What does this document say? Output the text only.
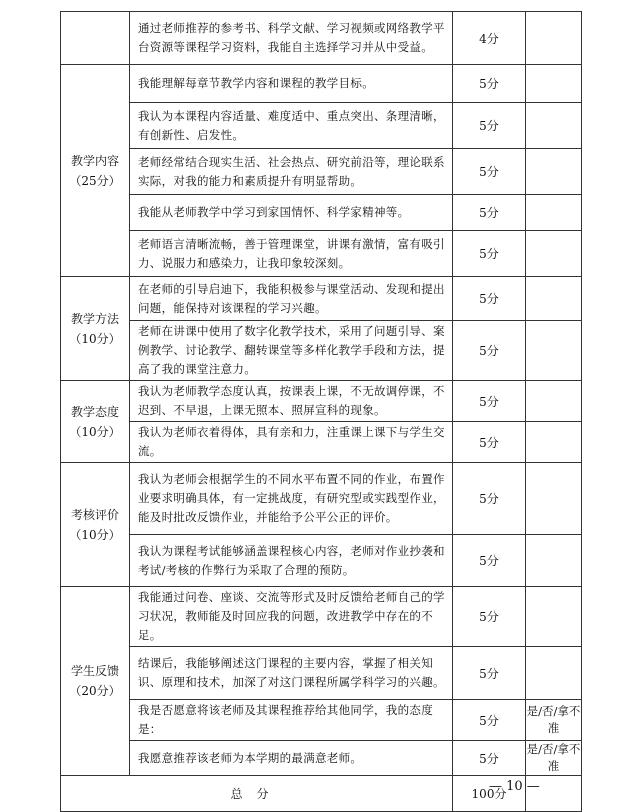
	通过老师推荐的参考书、科学文献、学习视频或网络教学平台资源等课程学习资料，我能自主选择学习并从中受益。	4分	

教学内容
（25分）	我能理解每章节教学内容和课程的教学目标。	5分	
	我认为本课程内容适量、难度适中、重点突出、条理清晰，有创新性、启发性。	5分	
	老师经常结合现实生活、社会热点、研究前沿等，理论联系实际，对我的能力和素质提升有明显帮助。	5分	
	我能从老师教学中学习到家国情怀、科学家精神等。	5分	
	老师语言清晰流畅，善于管理课堂，讲课有激情，富有吸引力、说服力和感染力，让我印象较深刻。	5分	

教学方法
（10分）	在老师的引导启迪下，我能积极参与课堂活动、发现和提出问题，能保持对该课程的学习兴趣。	5分	
	老师在讲课中使用了数字化教学技术，采用了问题引导、案例教学、讨论教学、翻转课堂等多样化教学手段和方法，提高了我的课堂注意力。	5分	

教学态度
（10分）	我认为老师教学态度认真，按课表上课，不无故调停课，不迟到、不早退，上课无照本、照屏宣科的现象。	5分	
	我认为老师衣着得体，具有亲和力，注重课上课下与学生交流。	5分	

考核评价
（10分）	我认为老师会根据学生的不同水平布置不同的作业，布置作业要求明确具体，有一定挑战度，有研究型或实践型作业，能及时批改反馈作业，并能给予公平公正的评价。	5分	
	我认为课程考试能够涵盖课程核心内容，老师对作业抄袭和考试/考核的作弊行为采取了合理的预防。	5分	

学生反馈
（20分）	我能通过问卷、座谈、交流等形式及时反馈给老师自己的学习状况，教师能及时回应我的问题，改进教学中存在的不足。	5分	
	结课后，我能够阐述这门课程的主要内容，掌握了相关知识、原理和技术，加深了对这门课程所属学科学习的兴趣。	5分	
	我是否愿意将该老师及其课程推荐给其他同学，我的态度是：	5分	是/否/拿不准
	我愿意推荐该老师为本学期的最满意老师。	5分	是/否/拿不准
总分		100分	
— 10 —
